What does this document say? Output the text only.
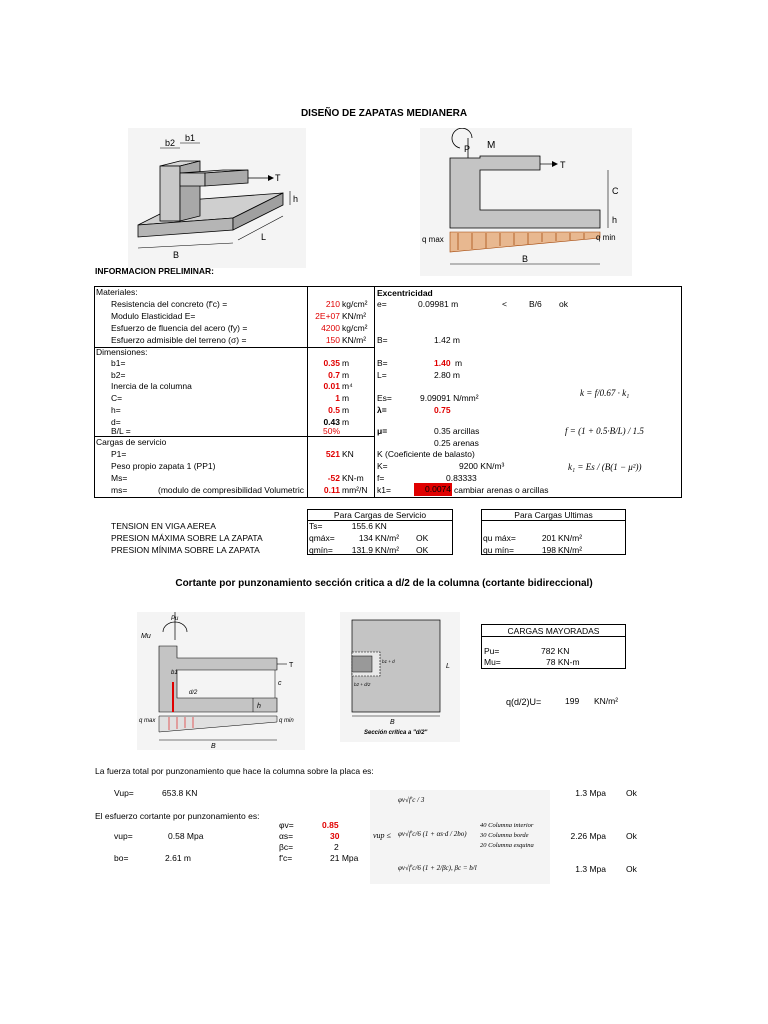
DISEÑO DE ZAPATAS MEDIANERA
b2 b1
T
h
B
L
P M
T
C
h
q max	q min
B
INFORMACION PRELIMINAR:
Materiales:
Dimensiones:
Cargas de servicio
Resistencia del concreto (f'c) =	210 kg/cm²
Modulo Elasticidad E=	2E+07 KN/m²
Esfuerzo de fluencia del acero (fy) =	4200 kg/cm²
Esfuerzo admisible del terreno (σ) =	150 KN/m²
b1=	0.35 m
b2=	0.7 m
Inercia de la columna	0.01 m⁴
C=	1 m
h=	0.5 m
d=	0.43 m
B/L =	50%
P1=	521 KN
Peso propio zapata 1 (PP1)
Ms=	-52 KN-m
ms=	(modulo de compresibilidad Volumetric	0.11 mm²/N
Excentricidad
e=	0.09981 m	<	B/6 ok
B=	1.42 m
B=	1.40 m
L=	2.80 m
Es=	9.09091 N/mm²
λ=	0.75
μ=	0.35 arcillas
0.25 arenas
K (Coeficiente de balasto)
K=	9200 KN/m³
f=	0.83333
k1=	0.0074 cambiar arenas o arcillas
k = f/0.67 · k₁
f = (1 + 0.5·B/L) / 1.5
k₁ = Es / (B(1 − μ²))
Para Cargas de Servicio	Para Cargas Ultimas
TENSION EN VIGA AEREA	Ts=	155.6 KN
PRESION MÁXIMA SOBRE LA ZAPATA	qmáx=	134 KN/m² OK	qu máx=	201 KN/m²
PRESION MÍNIMA SOBRE LA ZAPATA	qmín=	131.9 KN/m² OK	qu mín=	198 KN/m²
Cortante por punzonamiento sección critica a d/2 de la columna (cortante bidireccional)
Pu
Mu
b1
T
c
h
d/2
q max	q min
B
b1 + d
b2 + d/2
L
B
Sección crítica a "d/2"
CARGAS MAYORADAS
Pu=	782 KN
Mu=	78 KN-m
q(d/2)U=	199 KN/m²
La fuerza total por punzonamiento que hace la columna sobre la placa es:
Vup=	653.8 KN
El esfuerzo cortante por punzonamiento es:
vup=	0.58 Mpa
bo=	2.61 m
φv=	0.85
αs=	30
βc=	2
f'c=	21 Mpa
vup ≤
φv√f'c / 3
φv√f'c/6 (1 + αs·d / 2bo)
φv√f'c/6 (1 + 2/βc), βc = b/l
40 Columna interior
30 Columna borde
20 Columna esquina
1.3 Mpa Ok
2.26 Mpa Ok
1.3 Mpa Ok
